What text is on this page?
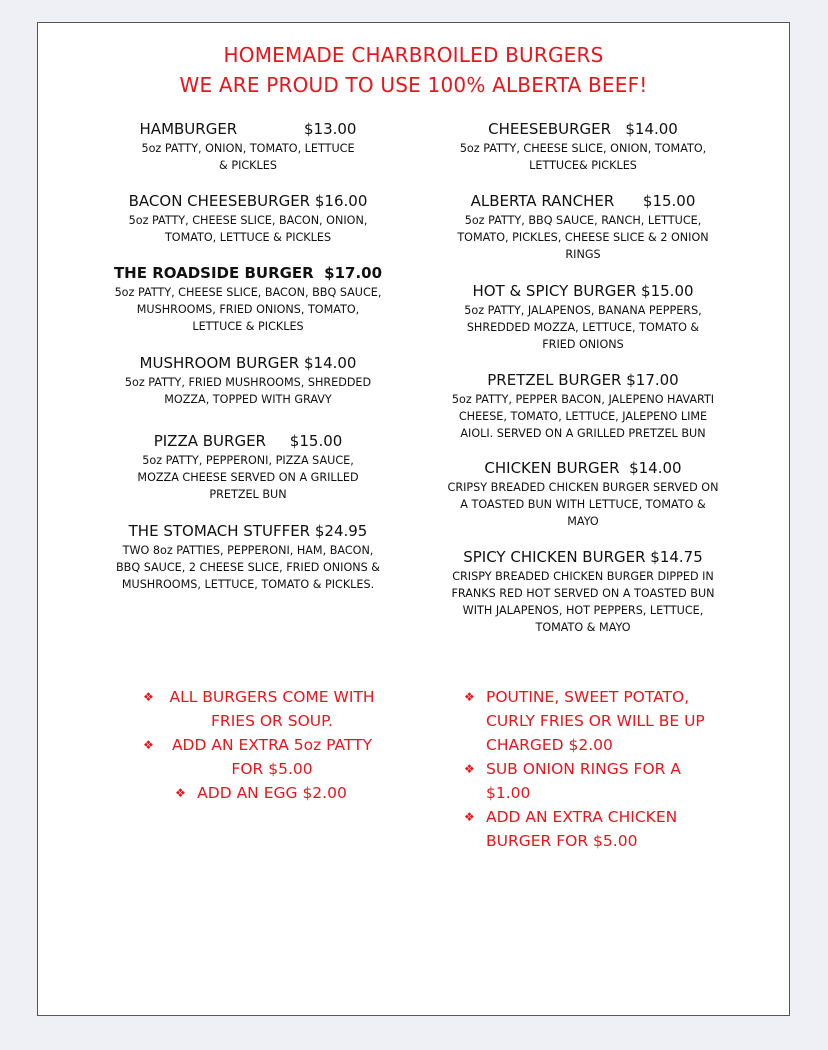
HOMEMADE CHARBROILED BURGERS
WE ARE PROUD TO USE 100% ALBERTA BEEF!
HAMBURGER              $13.00
5oz PATTY, ONION, TOMATO, LETTUCE
& PICKLES
BACON CHEESEBURGER $16.00
5oz PATTY, CHEESE SLICE, BACON, ONION,
TOMATO, LETTUCE & PICKLES
THE ROADSIDE BURGER  $17.00
5oz PATTY, CHEESE SLICE, BACON, BBQ SAUCE,
MUSHROOMS, FRIED ONIONS, TOMATO,
LETTUCE & PICKLES
MUSHROOM BURGER $14.00
5oz PATTY, FRIED MUSHROOMS, SHREDDED
MOZZA, TOPPED WITH GRAVY
PIZZA BURGER     $15.00
5oz PATTY, PEPPERONI, PIZZA SAUCE,
MOZZA CHEESE SERVED ON A GRILLED
PRETZEL BUN
THE STOMACH STUFFER $24.95
TWO 8oz PATTIES, PEPPERONI, HAM, BACON,
BBQ SAUCE, 2 CHEESE SLICE, FRIED ONIONS &
MUSHROOMS, LETTUCE, TOMATO & PICKLES.
CHEESEBURGER   $14.00
5oz PATTY, CHEESE SLICE, ONION, TOMATO,
LETTUCE& PICKLES
ALBERTA RANCHER      $15.00
5oz PATTY, BBQ SAUCE, RANCH, LETTUCE,
TOMATO, PICKLES, CHEESE SLICE & 2 ONION
RINGS
HOT & SPICY BURGER $15.00
5oz PATTY, JALAPENOS, BANANA PEPPERS,
SHREDDED MOZZA, LETTUCE, TOMATO &
FRIED ONIONS
PRETZEL BURGER $17.00
5oz PATTY, PEPPER BACON, JALEPENO HAVARTI
CHEESE, TOMATO, LETTUCE, JALEPENO LIME
AIOLI. SERVED ON A GRILLED PRETZEL BUN
CHICKEN BURGER  $14.00
CRIPSY BREADED CHICKEN BURGER SERVED ON
A TOASTED BUN WITH LETTUCE, TOMATO &
MAYO
SPICY CHICKEN BURGER $14.75
CRISPY BREADED CHICKEN BURGER DIPPED IN
FRANKS RED HOT SERVED ON A TOASTED BUN
WITH JALAPENOS, HOT PEPPERS, LETTUCE,
TOMATO & MAYO
❖	ALL BURGERS COME WITH
FRIES OR SOUP.
❖	ADD AN EXTRA 5oz PATTY
FOR $5.00
❖ ADD AN EGG $2.00
❖ POUTINE, SWEET POTATO,
CURLY FRIES OR WILL BE UP
CHARGED $2.00
❖ SUB ONION RINGS FOR A
$1.00
❖ ADD AN EXTRA CHICKEN
BURGER FOR $5.00
